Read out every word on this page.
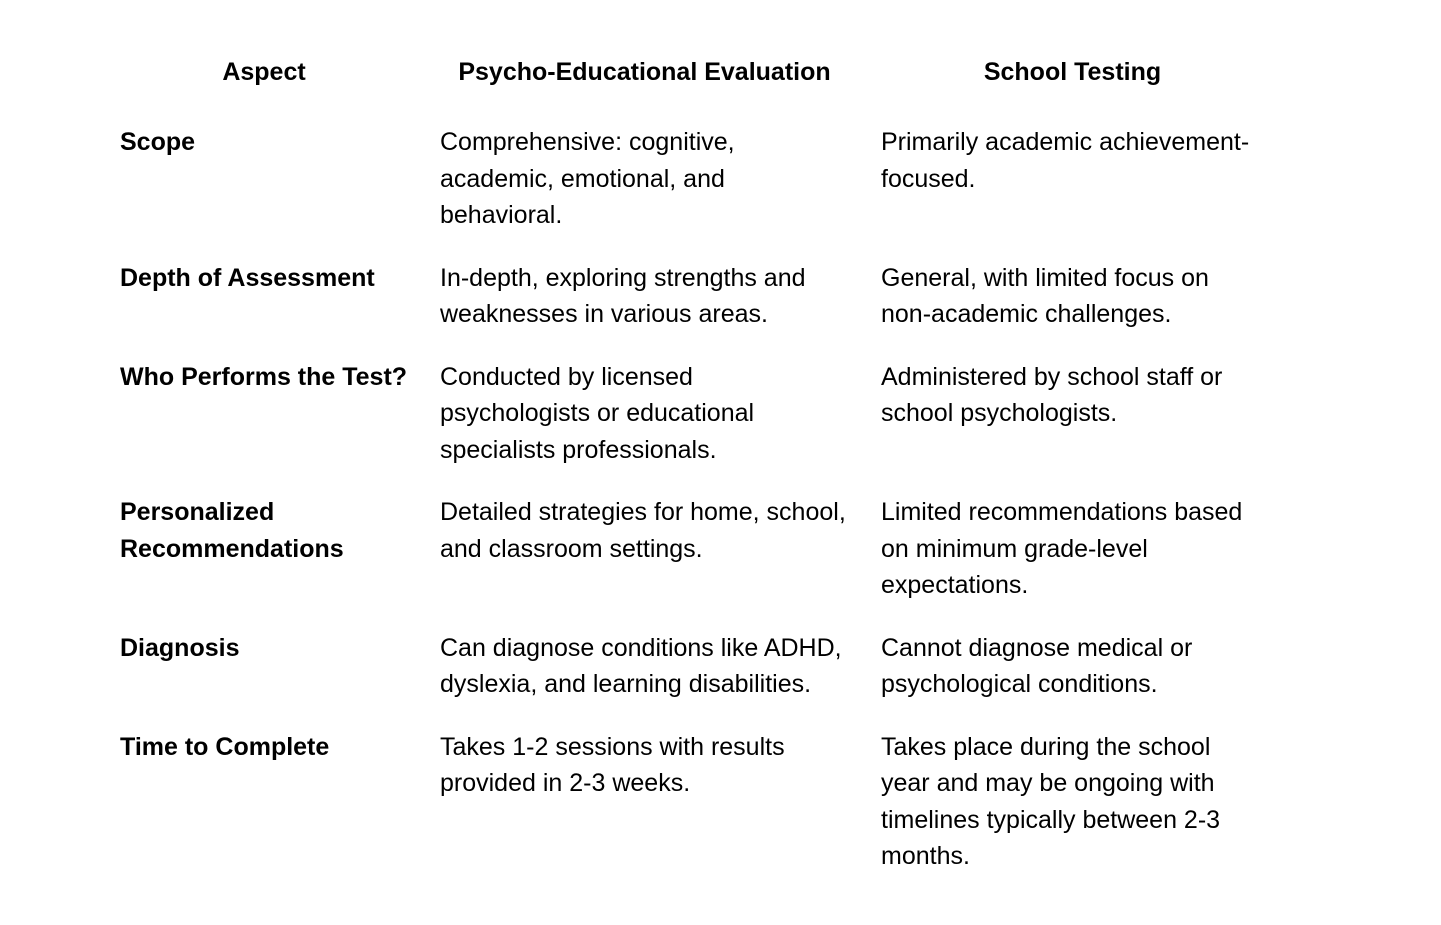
Aspect	Psycho-Educational Evaluation	School Testing
Scope	Comprehensive: cognitive, academic, emotional, and behavioral.	Primarily academic achievement-focused.
Depth of Assessment	In-depth, exploring strengths and weaknesses in various areas.	General, with limited focus on non-academic challenges.
Who Performs the Test?	Conducted by licensed psychologists or educational specialists professionals.	Administered by school staff or school psychologists.
Personalized Recommendations	Detailed strategies for home, school, and classroom settings.	Limited recommendations based on minimum grade-level expectations.
Diagnosis	Can diagnose conditions like ADHD, dyslexia, and learning disabilities.	Cannot diagnose medical or psychological conditions.
Time to Complete	Takes 1-2 sessions with results provided in 2-3 weeks.	Takes place during the school year and may be ongoing with timelines typically between 2-3 months.
